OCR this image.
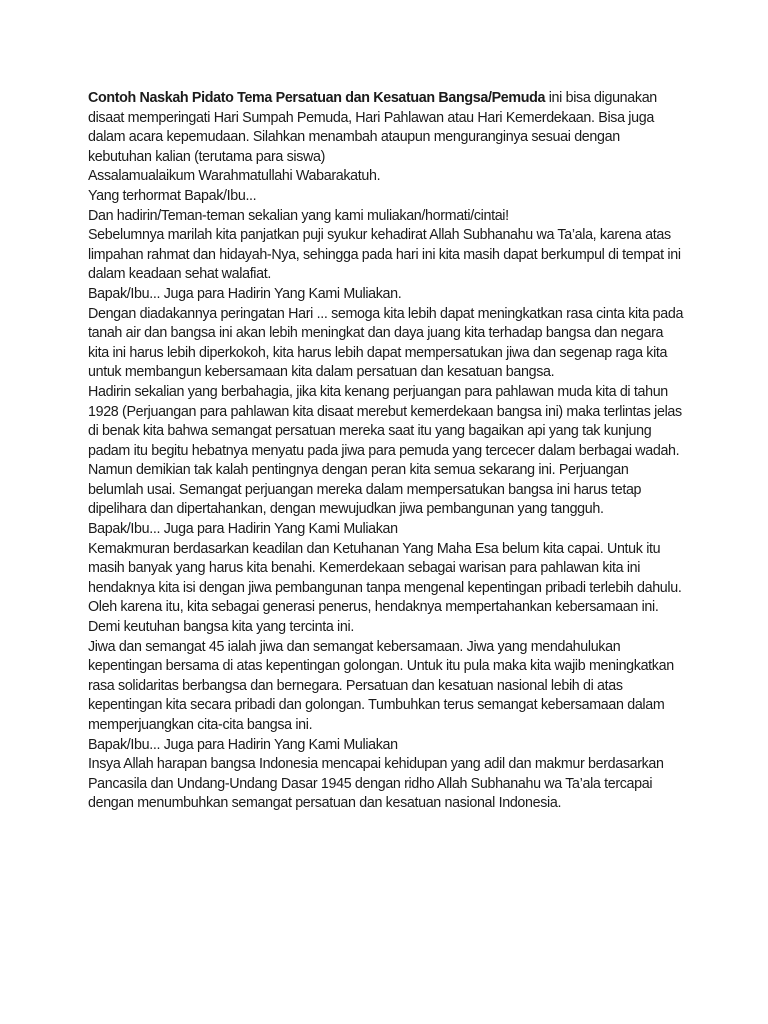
Contoh Naskah Pidato Tema Persatuan dan Kesatuan Bangsa/Pemuda ini bisa digunakan disaat memperingati Hari Sumpah Pemuda, Hari Pahlawan atau Hari Kemerdekaan. Bisa juga dalam acara kepemudaan. Silahkan menambah ataupun menguranginya sesuai dengan kebutuhan kalian (terutama para siswa)

Assalamualaikum Warahmatullahi Wabarakatuh.

Yang terhormat Bapak/Ibu...

Dan hadirin/Teman-teman sekalian yang kami muliakan/hormati/cintai!

Sebelumnya marilah kita panjatkan puji syukur kehadirat Allah Subhanahu wa Ta’ala, karena atas limpahan rahmat dan hidayah-Nya, sehingga pada hari ini kita masih dapat berkumpul di tempat ini dalam keadaan sehat walafiat.

Bapak/Ibu... Juga para Hadirin Yang Kami Muliakan.

Dengan diadakannya peringatan Hari ... semoga kita lebih dapat meningkatkan rasa cinta kita pada tanah air dan bangsa ini akan lebih meningkat dan daya juang kita terhadap bangsa dan negara kita ini harus lebih diperkokoh, kita harus lebih dapat mempersatukan jiwa dan segenap raga kita untuk membangun kebersamaan kita dalam persatuan dan kesatuan bangsa.

Hadirin sekalian yang berbahagia, jika kita kenang perjuangan para pahlawan muda kita di tahun 1928 (Perjuangan para pahlawan kita disaat merebut kemerdekaan bangsa ini) maka terlintas jelas di benak kita bahwa semangat persatuan mereka saat itu yang bagaikan api yang tak kunjung padam itu begitu hebatnya menyatu pada jiwa para pemuda yang tercecer dalam berbagai wadah. Namun demikian tak kalah pentingnya dengan peran kita semua sekarang ini. Perjuangan belumlah usai. Semangat perjuangan mereka dalam mempersatukan bangsa ini harus tetap dipelihara dan dipertahankan, dengan mewujudkan jiwa pembangunan yang tangguh.

Bapak/Ibu... Juga para Hadirin Yang Kami Muliakan

Kemakmuran berdasarkan keadilan dan Ketuhanan Yang Maha Esa belum kita capai. Untuk itu masih banyak yang harus kita benahi. Kemerdekaan sebagai warisan para pahlawan kita ini hendaknya kita isi dengan jiwa pembangunan tanpa mengenal kepentingan pribadi terlebih dahulu. Oleh karena itu, kita sebagai generasi penerus, hendaknya mempertahankan kebersamaan ini. Demi keutuhan bangsa kita yang tercinta ini.

Jiwa dan semangat 45 ialah jiwa dan semangat kebersamaan. Jiwa yang mendahulukan kepentingan bersama di atas kepentingan golongan. Untuk itu pula maka kita wajib meningkatkan rasa solidaritas berbangsa dan bernegara. Persatuan dan kesatuan nasional lebih di atas kepentingan kita secara pribadi dan golongan. Tumbuhkan terus semangat kebersamaan dalam memperjuangkan cita-cita bangsa ini.

Bapak/Ibu... Juga para Hadirin Yang Kami Muliakan

Insya Allah harapan bangsa Indonesia mencapai kehidupan yang adil dan makmur berdasarkan Pancasila dan Undang-Undang Dasar 1945 dengan ridho Allah Subhanahu wa Ta’ala tercapai dengan menumbuhkan semangat persatuan dan kesatuan nasional Indonesia.
